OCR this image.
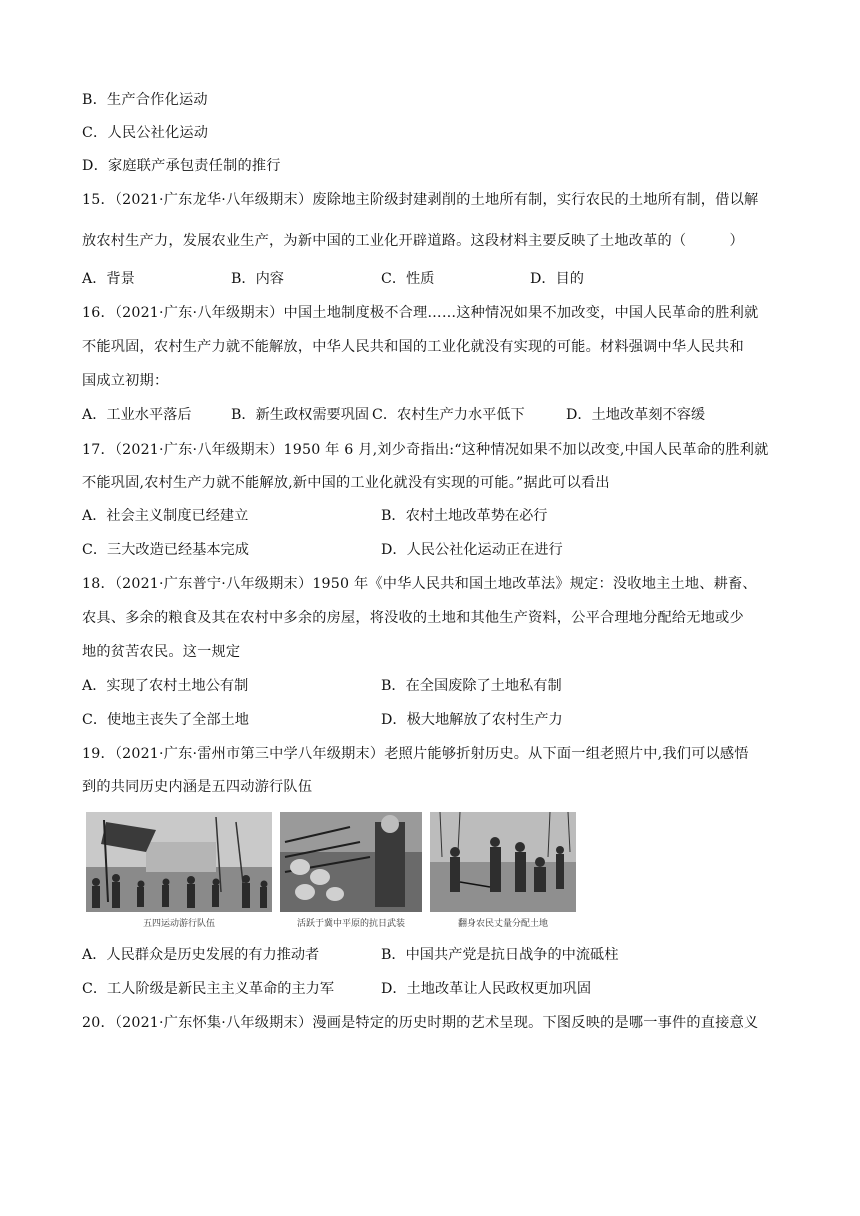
B．生产合作化运动
C．人民公社化运动
D．家庭联产承包责任制的推行
15．（2021·广东龙华·八年级期末）废除地主阶级封建剥削的土地所有制，实行农民的土地所有制，借以解
放农村生产力，发展农业生产，为新中国的工业化开辟道路。这段材料主要反映了土地改革的（　　　）
A．背景	B．内容	C．性质	D．目的
16．（2021·广东·八年级期末）中国土地制度极不合理……这种情况如果不加改变，中国人民革命的胜利就
不能巩固，农村生产力就不能解放，中华人民共和国的工业化就没有实现的可能。材料强调中华人民共和
国成立初期：
A．工业水平落后	B．新生政权需要巩固 C．农村生产力水平低下	D．土地改革刻不容缓
17．（2021·广东·八年级期末）1950 年 6 月,刘少奇指出:“这种情况如果不加以改变,中国人民革命的胜利就
不能巩固,农村生产力就不能解放,新中国的工业化就没有实现的可能。”据此可以看出
A．社会主义制度已经建立	B．农村土地改革势在必行
C．三大改造已经基本完成	D．人民公社化运动正在进行
18．（2021·广东普宁·八年级期末）1950 年《中华人民共和国土地改革法》规定：没收地主土地、耕畜、
农具、多余的粮食及其在农村中多余的房屋，将没收的土地和其他生产资料，公平合理地分配给无地或少
地的贫苦农民。这一规定
A．实现了农村土地公有制	B．在全国废除了土地私有制
C．使地主丧失了全部土地	D．极大地解放了农村生产力
19．（2021·广东·雷州市第三中学八年级期末）老照片能够折射历史。从下面一组老照片中,我们可以感悟
到的共同历史内涵是五四动游行队伍
五四运动游行队伍	活跃于冀中平原的抗日武装	翻身农民丈量分配土地
A．人民群众是历史发展的有力推动者	B．中国共产党是抗日战争的中流砥柱
C．工人阶级是新民主主义革命的主力军	D．土地改革让人民政权更加巩固
20．（2021·广东怀集·八年级期末）漫画是特定的历史时期的艺术呈现。下图反映的是哪一事件的直接意义
